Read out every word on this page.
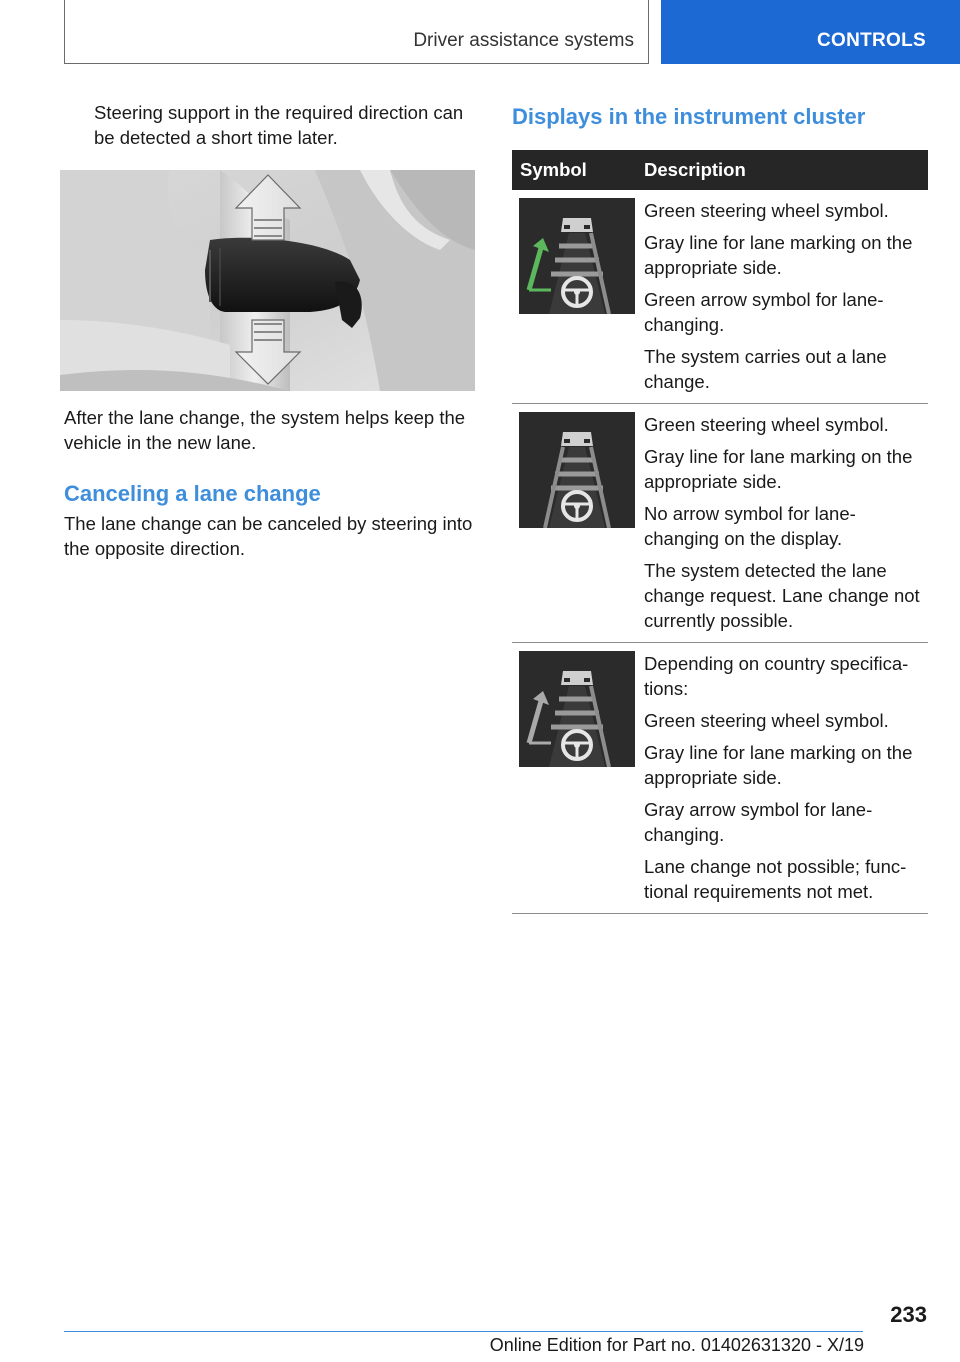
Driver assistance systems	CONTROLS

Steering support in the required direction can be detected a short time later.

After the lane change, the system helps keep the vehicle in the new lane.

Canceling a lane change

The lane change can be canceled by steering into the opposite direction.

Displays in the instrument cluster
Symbol	Description

Green steering wheel symbol.

Gray line for lane marking on the appropriate side.

Green arrow symbol for lane-changing.

The system carries out a lane change.

Green steering wheel symbol.

Gray line for lane marking on the appropriate side.

No arrow symbol for lane-changing on the display.

The system detected the lane change request. Lane change not currently possible.

Depending on country specifica-tions:

Green steering wheel symbol.

Gray line for lane marking on the appropriate side.

Gray arrow symbol for lane-changing.

Lane change not possible; func-tional requirements not met.

233
Online Edition for Part no. 01402631320 - X/19
